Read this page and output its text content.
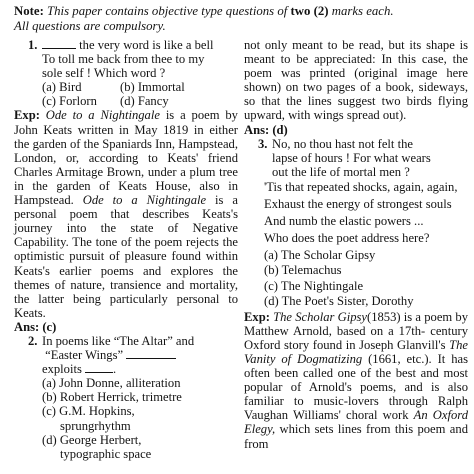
Note: This paper contains objective type questions of two (2) marks each.
All questions are compulsory.
1.	the very word is like a bell

To toll me back from thee to my

sole self ! Which word ?

(a) Bird	(b) Immortal
(c) Forlorn	(d) Fancy

Exp: Ode to a Nightingale is a poem by John Keats written in May 1819 in either the garden of the Spaniards Inn, Hampstead, London, or, according to Keats' friend Charles Armitage Brown, under a plum tree in the garden of Keats House, also in Hampstead. Ode to a Nightingale is a personal poem that describes Keats's journey into the state of Negative Capability. The tone of the poem rejects the optimistic pursuit of pleasure found within Keats's earlier poems and explores the themes of nature, transience and mortality, the latter being particularly personal to Keats.

Ans: (c)

2. In poems like “The Altar” and

“Easter Wings”

exploits .

(a) John Donne, alliteration

(b) Robert Herrick, trimetre

(c) G.M. Hopkins, sprungrhythm

(d) George Herbert, typographic space

not only meant to be read, but its shape is meant to be appreciated: In this case, the poem was printed (original image here shown) on two pages of a book, sideways, so that the lines suggest two birds flying upward, with wings spread out).

Ans: (d)

3. No, no thou hast not felt the

lapse of hours ! For what wears

out the life of mortal men ?

'Tis that repeated shocks, again, again,

Exhaust the energy of strongest souls

And numb the elastic powers ...

Who does the poet address here?

(a) The Scholar Gipsy

(b) Telemachus

(c) The Nightingale

(d) The Poet's Sister, Dorothy

Exp: The Scholar Gipsy(1853) is a poem by Matthew Arnold, based on a 17th- century Oxford story found in Joseph Glanvill's The Vanity of Dogmatizing (1661, etc.). It has often been called one of the best and most popular of Arnold's poems, and is also familiar to music-lovers through Ralph Vaughan Williams' choral work An Oxford Elegy, which sets lines from this poem and from
